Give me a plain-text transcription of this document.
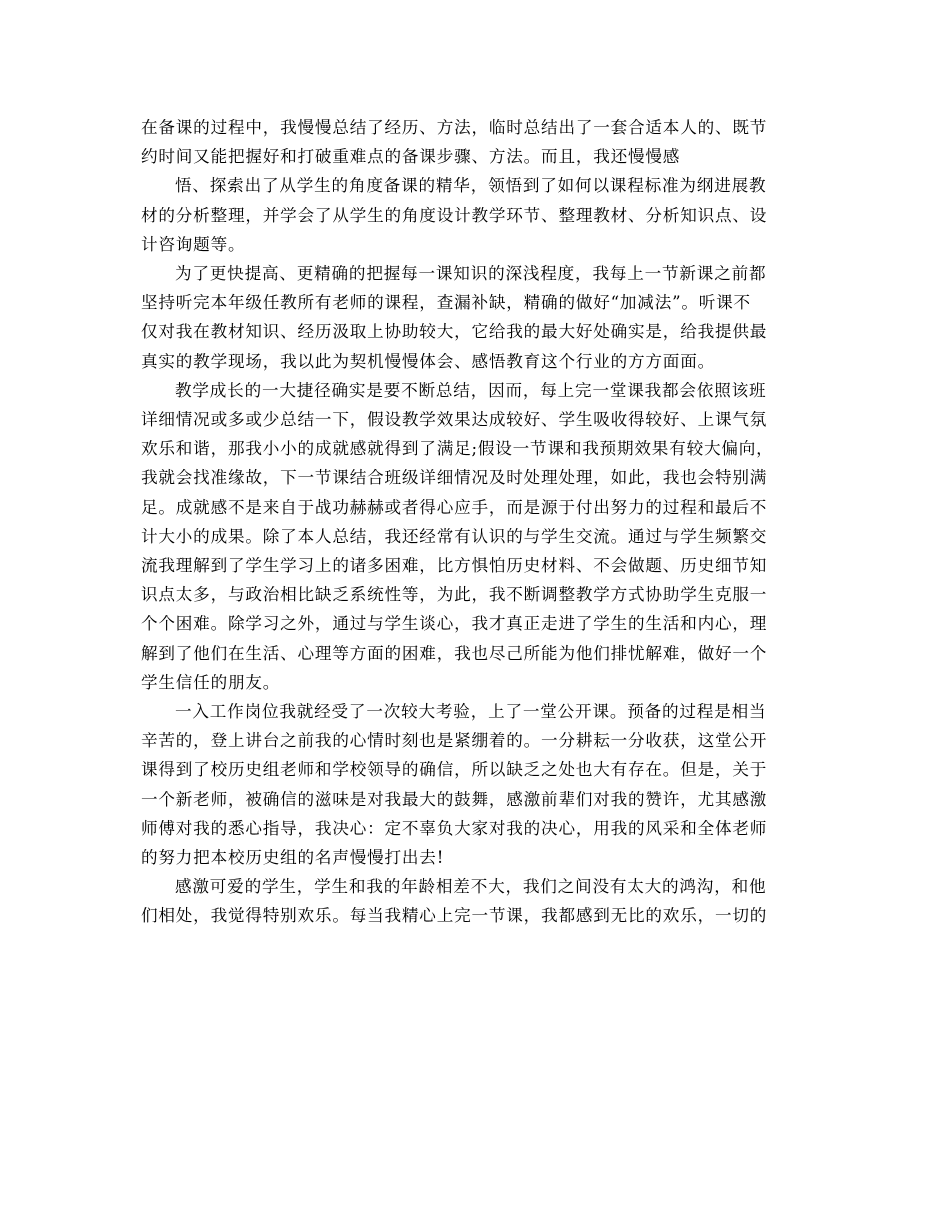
在备课的过程中，我慢慢总结了经历、方法，临时总结出了一套合适本人的、既节
约时间又能把握好和打破重难点的备课步骤、方法。而且，我还慢慢感

悟、探索出了从学生的角度备课的精华，领悟到了如何以课程标准为纲进展教
材的分析整理，并学会了从学生的角度设计教学环节、整理教材、分析知识点、设
计咨询题等。

为了更快提高、更精确的把握每一课知识的深浅程度，我每上一节新课之前都
坚持听完本年级任教所有老师的课程，查漏补缺，精确的做好“加减法”。听课不
仅对我在教材知识、经历汲取上协助较大，它给我的最大好处确实是，给我提供最
真实的教学现场，我以此为契机慢慢体会、感悟教育这个行业的方方面面。

教学成长的一大捷径确实是要不断总结，因而，每上完一堂课我都会依照该班
详细情况或多或少总结一下，假设教学效果达成较好、学生吸收得较好、上课气氛
欢乐和谐，那我小小的成就感就得到了满足;假设一节课和我预期效果有较大偏向，
我就会找准缘故，下一节课结合班级详细情况及时处理处理，如此，我也会特别满
足。成就感不是来自于战功赫赫或者得心应手，而是源于付出努力的过程和最后不
计大小的成果。除了本人总结，我还经常有认识的与学生交流。通过与学生频繁交
流我理解到了学生学习上的诸多困难，比方惧怕历史材料、不会做题、历史细节知
识点太多，与政治相比缺乏系统性等，为此，我不断调整教学方式协助学生克服一
个个困难。除学习之外，通过与学生谈心，我才真正走进了学生的生活和内心，理
解到了他们在生活、心理等方面的困难，我也尽己所能为他们排忧解难，做好一个
学生信任的朋友。

一入工作岗位我就经受了一次较大考验，上了一堂公开课。预备的过程是相当
辛苦的，登上讲台之前我的心情时刻也是紧绷着的。一分耕耘一分收获，这堂公开
课得到了校历史组老师和学校领导的确信，所以缺乏之处也大有存在。但是，关于
一个新老师，被确信的滋味是对我最大的鼓舞，感激前辈们对我的赞许，尤其感激
师傅对我的悉心指导，我决心：定不辜负大家对我的决心，用我的风采和全体老师
的努力把本校历史组的名声慢慢打出去!

感激可爱的学生，学生和我的年龄相差不大，我们之间没有太大的鸿沟，和他
们相处，我觉得特别欢乐。每当我精心上完一节课，我都感到无比的欢乐，一切的
